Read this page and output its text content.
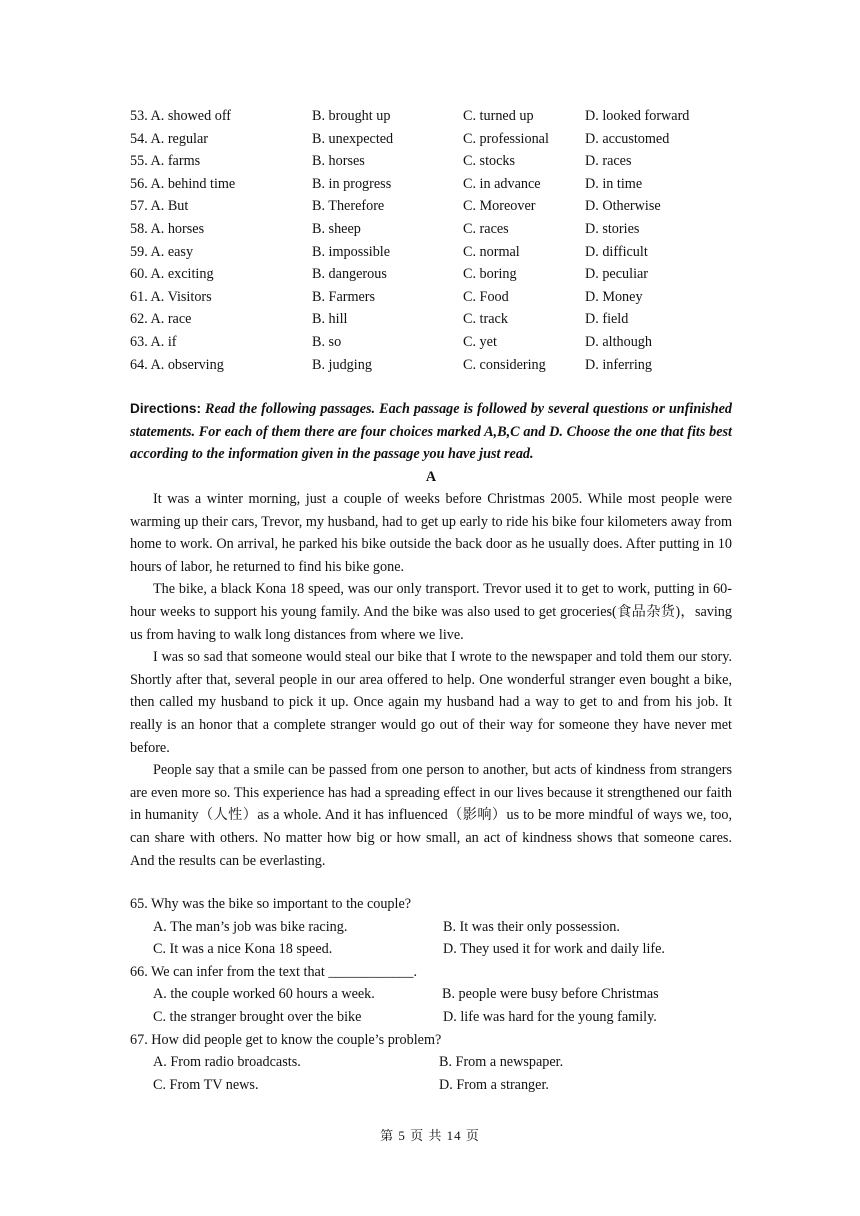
53. A. showed off	B. brought up	C. turned up	D. looked forward
54. A. regular	B. unexpected	C. professional	D. accustomed
55. A. farms	B. horses	C. stocks	D. races
56. A. behind time	B. in progress	C. in advance	D. in time
57. A. But	B. Therefore	C. Moreover	D. Otherwise
58. A. horses	B. sheep	C. races	D. stories
59. A. easy	B. impossible	C. normal	D. difficult
60. A. exciting	B. dangerous	C. boring	D. peculiar
61. A. Visitors	B. Farmers	C. Food	D. Money
62. A. race	B. hill	C. track	D. field
63. A. if	B. so	C. yet	D. although
64. A. observing	B. judging	C. considering	D. inferring
Directions: Read the following passages. Each passage is followed by several questions or unfinished statements. For each of them there are four choices marked A,B,C and D. Choose the one that fits best according to the information given in the passage you have just read.
A

It was a winter morning, just a couple of weeks before Christmas 2005. While most people were warming up their cars, Trevor, my husband, had to get up early to ride his bike four kilometers away from home to work. On arrival, he parked his bike outside the back door as he usually does. After putting in 10 hours of labor, he returned to find his bike gone.

The bike, a black Kona 18 speed, was our only transport. Trevor used it to get to work, putting in 60-hour weeks to support his young family. And the bike was also used to get groceries(食品杂货)，saving us from having to walk long distances from where we live.

I was so sad that someone would steal our bike that I wrote to the newspaper and told them our story. Shortly after that, several people in our area offered to help. One wonderful stranger even bought a bike, then called my husband to pick it up. Once again my husband had a way to get to and from his job. It really is an honor that a complete stranger would go out of their way for someone they have never met before.

People say that a smile can be passed from one person to another, but acts of kindness from strangers are even more so. This experience has had a spreading effect in our lives because it strengthened our faith in humanity（人性）as a whole. And it has influenced（影响）us to be more mindful of ways we, too, can share with others. No matter how big or how small, an act of kindness shows that someone cares. And the results can be everlasting.

65. Why was the bike so important to the couple?
A. The man’s job was bike racing.	B. It was their only possession.
C. It was a nice Kona 18 speed.	D. They used it for work and daily life.
66. We can infer from the text that ____________.
A. the couple worked 60 hours a week.	B. people were busy before Christmas
C. the stranger brought over the bike	D. life was hard for the young family.
67. How did people get to know the couple’s problem?
A. From radio broadcasts.	B. From a newspaper.
C. From TV news.	D. From a stranger.
第 5 页 共 14 页
